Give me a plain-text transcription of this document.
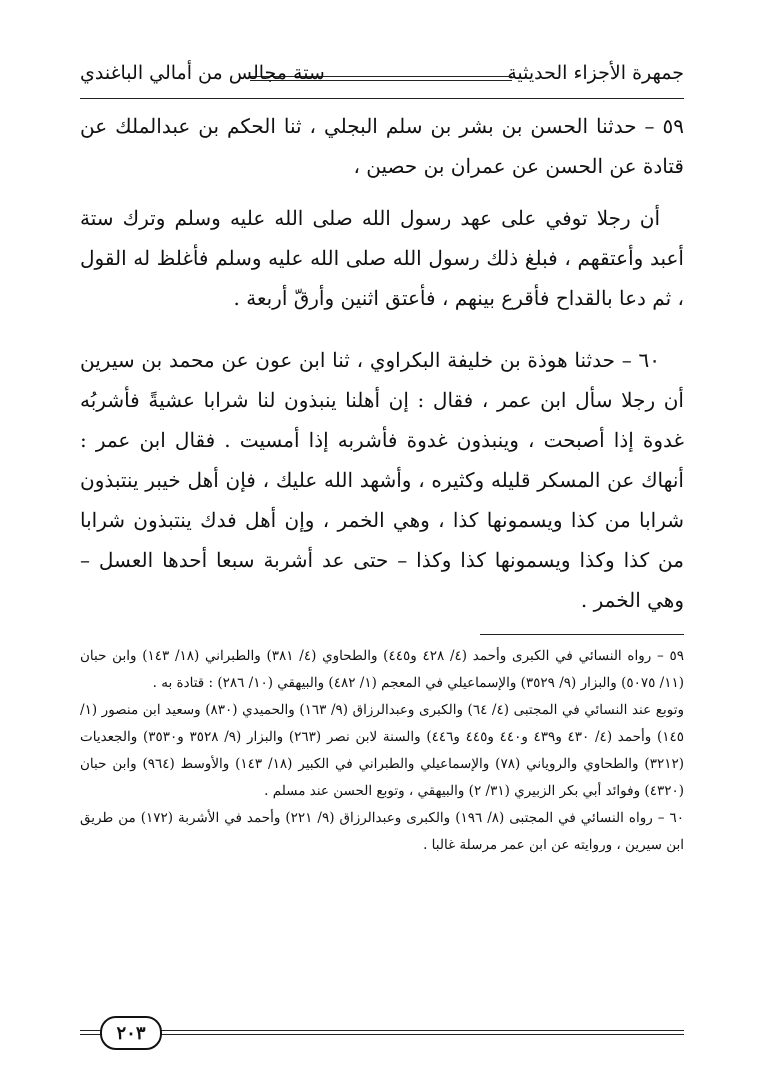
جمهرة الأجزاء الحديثية
ستة مجالس من أمالي الباغندي

٥٩ – حدثنا الحسن بن بشر بن سلم البجلي ، ثنا الحكم بن عبدالملك عن قتادة عن الحسن عن عمران بن حصين ،

أن رجلا توفي على عهد رسول الله صلى الله عليه وسلم وترك ستة أعبد وأعتقهم ، فبلغ ذلك رسول الله صلى الله عليه وسلم فأغلظ له القول ، ثم دعا بالقداح فأقرع بينهم ، فأعتق اثنين وأرقّ أربعة .

٦٠ – حدثنا هوذة بن خليفة البكراوي ، ثنا ابن عون عن محمد بن سيرين أن رجلا سأل ابن عمر ، فقال : إن أهلنا ينبذون لنا شرابا عشيةً فأشربُه غدوة إذا أصبحت ، وينبذون غدوة فأشربه إذا أمسيت . فقال ابن عمر : أنهاك عن المسكر قليله وكثيره ، وأشهد الله عليك ، فإن أهل خيبر ينتبذون شرابا من كذا ويسمونها كذا ، وهي الخمر ، وإن أهل فدك ينتبذون شرابا من كذا وكذا ويسمونها كذا وكذا – حتى عد أشربة سبعا أحدها العسل – وهي الخمر .

٥٩ – رواه النسائي في الكبرى وأحمد (٤/ ٤٢٨ و٤٤٥) والطحاوي (٤/ ٣٨١) والطبراني (١٨/ ١٤٣) وابن حبان (١١/ ٥٠٧٥) والبزار (٩/ ٣٥٢٩) والإسماعيلي في المعجم (١/ ٤٨٢) والبيهقي (١٠/ ٢٨٦) : قتادة به .

وتوبع عند النسائي في المجتبى (٤/ ٦٤) والكبرى وعبدالرزاق (٩/ ١٦٣) والحميدي (٨٣٠) وسعيد ابن منصور (١/ ١٤٥) وأحمد (٤/ ٤٣٠ و٤٣٩ و٤٤٠ و٤٤٥ و٤٤٦) والسنة لابن نصر (٢٦٣) والبزار (٩/ ٣٥٢٨ و٣٥٣٠) والجعديات (٣٢١٢) والطحاوي والروياني (٧٨) والإسماعيلي والطبراني في الكبير (١٨/ ١٤٣) والأوسط (٩٦٤) وابن حبان (٤٣٢٠) وفوائد أبي بكر الزبيري (٣١/ ٢) والبيهقي ، وتوبع الحسن عند مسلم .

٦٠ – رواه النسائي في المجتبى (٨/ ١٩٦) والكبرى وعبدالرزاق (٩/ ٢٢١) وأحمد في الأشربة (١٧٢) من طريق ابن سيرين ، وروايته عن ابن عمر مرسلة غالبا .

٢٠٣
